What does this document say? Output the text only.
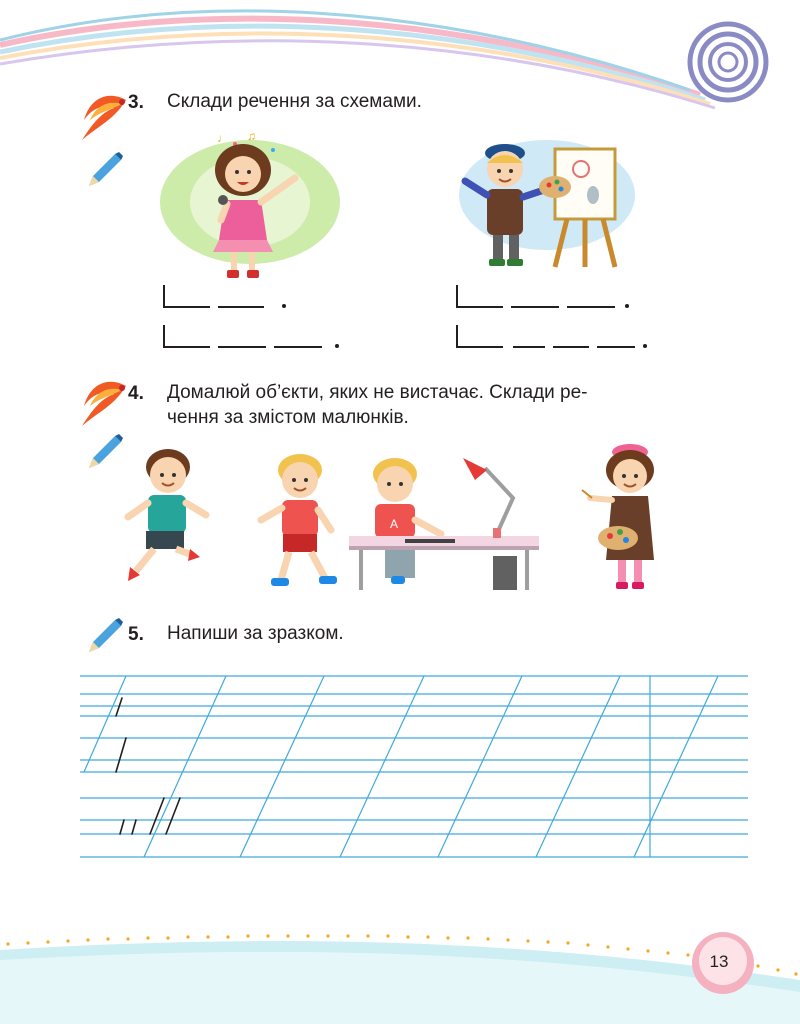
3. Склади речення за схемами.
♩ ♫
4. Домалюй об’єкти, яких не вистачає. Склади ре-
чення за змістом малюнків.
A
5. Напиши за зразком.
13
